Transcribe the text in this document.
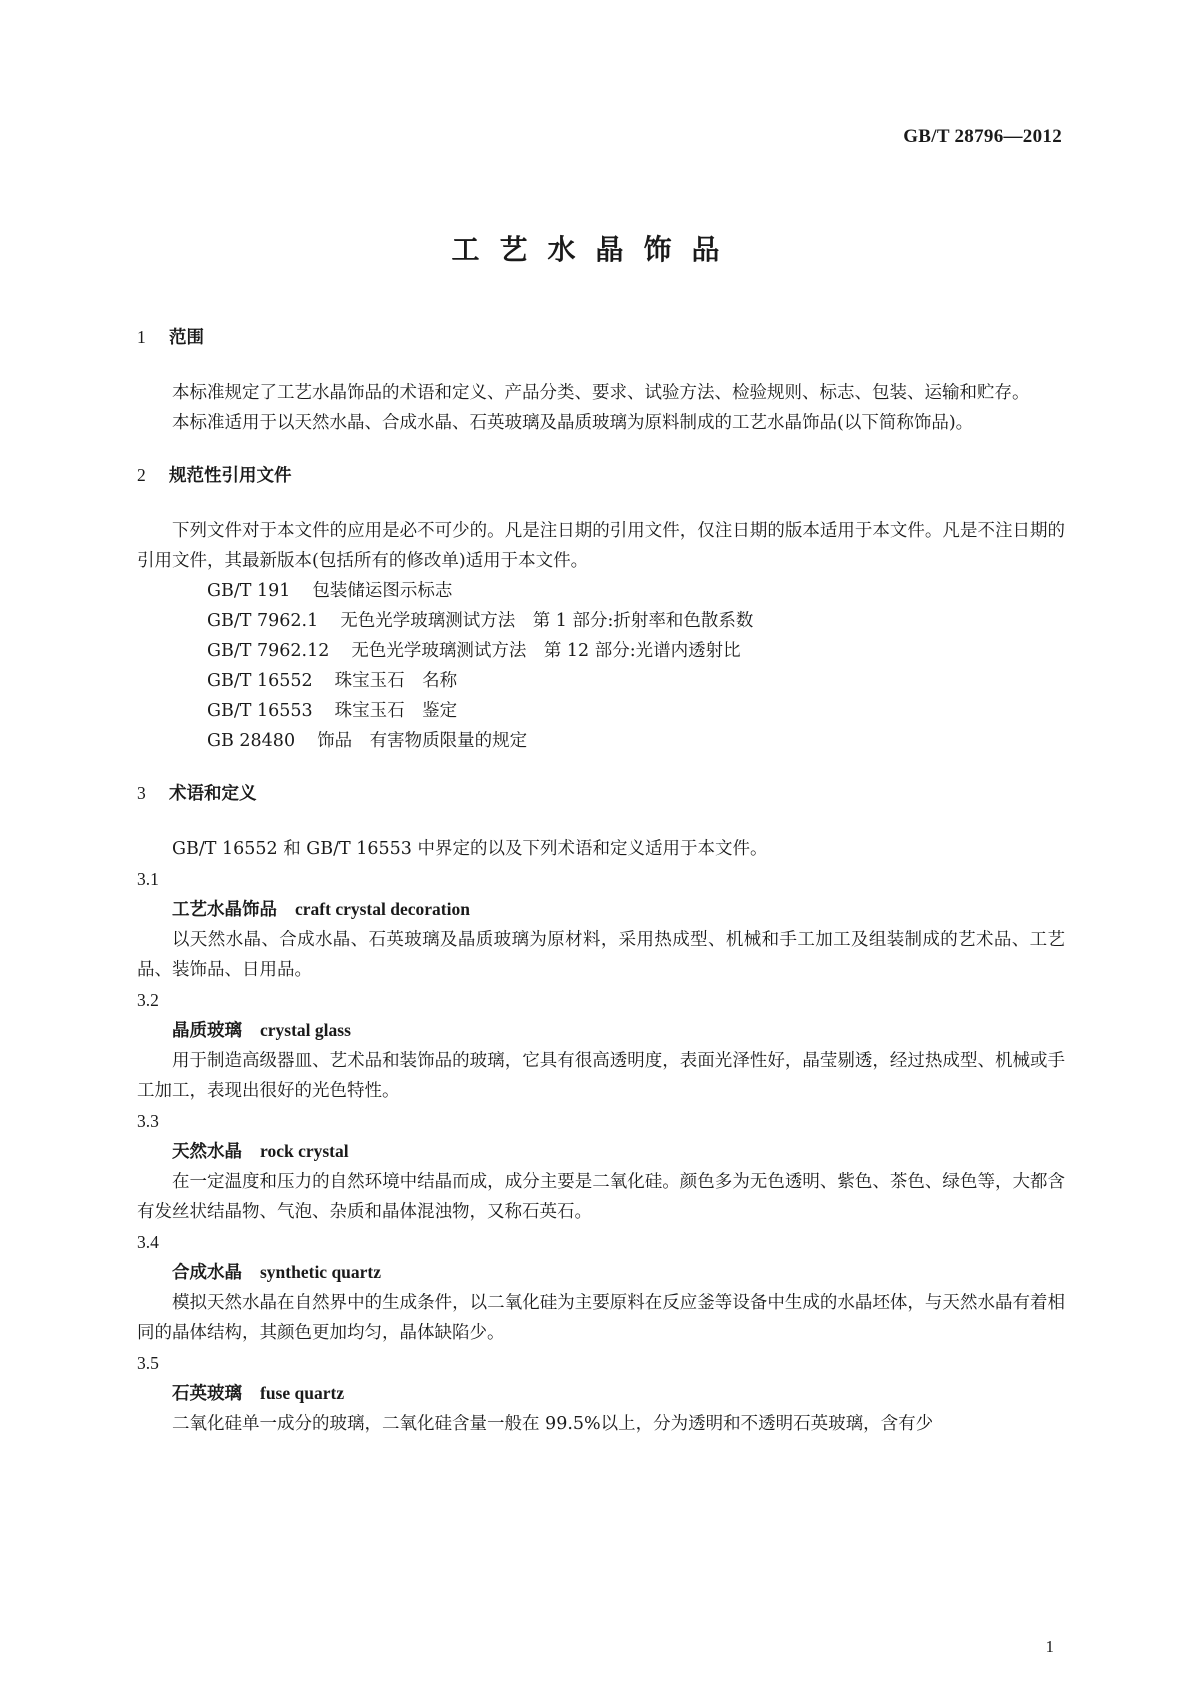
GB/T 28796—2012
工艺水晶饰品
1 范围

本标准规定了工艺水晶饰品的术语和定义、产品分类、要求、试验方法、检验规则、标志、包装、运输和贮存。

本标准适用于以天然水晶、合成水晶、石英玻璃及晶质玻璃为原料制成的工艺水晶饰品(以下简称饰品)。

2 规范性引用文件

下列文件对于本文件的应用是必不可少的。凡是注日期的引用文件，仅注日期的版本适用于本文件。凡是不注日期的引用文件，其最新版本(包括所有的修改单)适用于本文件。

GB/T 191 包装储运图示标志
GB/T 7962.1 无色光学玻璃测试方法　第 1 部分:折射率和色散系数
GB/T 7962.12 无色光学玻璃测试方法　第 12 部分:光谱内透射比
GB/T 16552 珠宝玉石　名称
GB/T 16553 珠宝玉石　鉴定
GB 28480 饰品　有害物质限量的规定
3 术语和定义

GB/T 16552 和 GB/T 16553 中界定的以及下列术语和定义适用于本文件。

3.1
工艺水晶饰品 craft crystal decoration

以天然水晶、合成水晶、石英玻璃及晶质玻璃为原材料，采用热成型、机械和手工加工及组装制成的艺术品、工艺品、装饰品、日用品。

3.2
晶质玻璃 crystal glass

用于制造高级器皿、艺术品和装饰品的玻璃，它具有很高透明度，表面光泽性好，晶莹剔透，经过热成型、机械或手工加工，表现出很好的光色特性。

3.3
天然水晶 rock crystal

在一定温度和压力的自然环境中结晶而成，成分主要是二氧化硅。颜色多为无色透明、紫色、茶色、绿色等，大都含有发丝状结晶物、气泡、杂质和晶体混浊物，又称石英石。

3.4
合成水晶 synthetic quartz

模拟天然水晶在自然界中的生成条件，以二氧化硅为主要原料在反应釜等设备中生成的水晶坯体，与天然水晶有着相同的晶体结构，其颜色更加均匀，晶体缺陷少。

3.5
石英玻璃 fuse quartz

二氧化硅单一成分的玻璃，二氧化硅含量一般在 99.5%以上，分为透明和不透明石英玻璃，含有少

1
